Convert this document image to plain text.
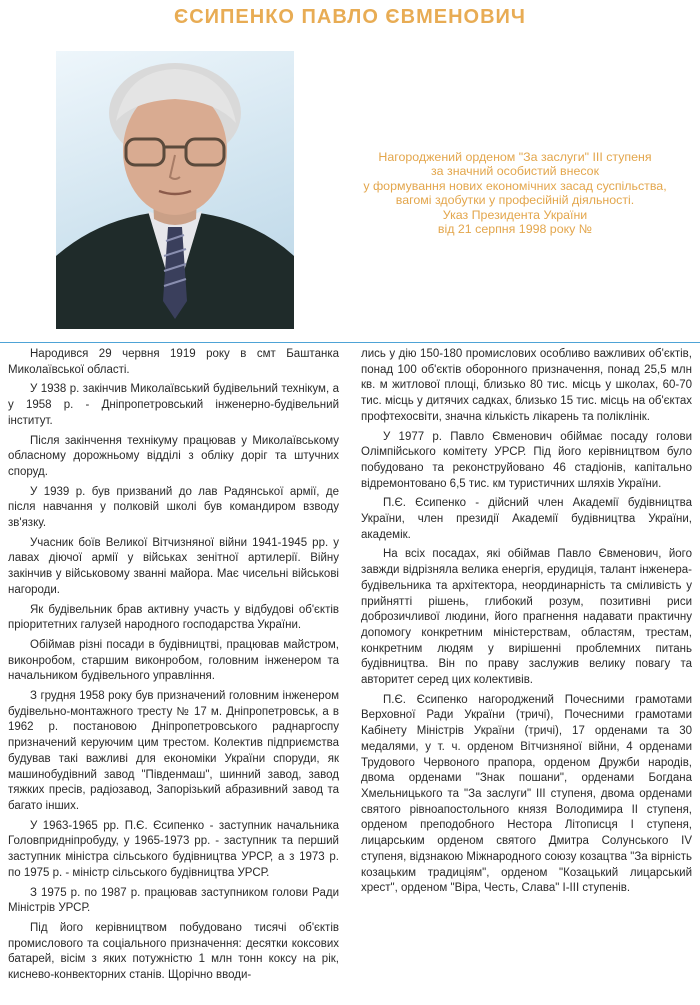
ЄСИПЕНКО ПАВЛО ЄВМЕНОВИЧ
Нагороджений орденом "За заслуги" III ступеня
за значний особистий внесок
у формування нових економічних засад суспільства,
вагомі здобутки у професійній діяльності.
Указ Президента України
від 21 серпня 1998 року №

Народився 29 червня 1919 року в смт Баштанка Миколаївської області.

У 1938 р. закінчив Миколаївський будівельний технікум, а у 1958 р. - Дніпропетровський інженерно-будівельний інститут.

Після закінчення технікуму працював у Миколаївському обласному дорожньому відділі з обліку доріг та штучних споруд.

У 1939 р. був призваний до лав Радянської армії, де після навчання у полковій школі був командиром взводу зв'язку.

Учасник боїв Великої Вітчизняної війни 1941-1945 рр. у лавах діючої армії у військах зенітної артилерії. Війну закінчив у військовому званні майора. Має чисельні військові нагороди.

Як будівельник брав активну участь у відбудові об'єктів пріоритетних галузей народного господарства України.

Обіймав різні посади в будівництві, працював майстром, виконробом, старшим виконробом, головним інженером та начальником будівельного управління.

З грудня 1958 року був призначений головним інженером будівельно-монтажного тресту № 17 м. Дніпропетровськ, а в 1962 р. постановою Дніпропетровського раднаргоспу призначений керуючим цим трестом. Колектив підприємства будував такі важливі для економіки України споруди, як машинобудівний завод "Південмаш", шинний завод, завод тяжких пресів, радіозавод, Запорізький абразивний завод та багато інших.

У 1963-1965 рр. П.Є. Єсипенко - заступник начальника Головпридніпробуду, у 1965-1973 рр. - заступник та перший заступник міністра сільського будівництва УРСР, а з 1973 р. по 1975 р. - міністр сільського будівництва УРСР.

З 1975 р. по 1987 р. працював заступником голови Ради Міністрів УРСР.

Під його керівництвом побудовано тисячі об'єктів промислового та соціального призначення: десятки коксових батарей, вісім з яких потужністю 1 млн тонн коксу на рік, киснево-конвекторних станів. Щорічно вводи-

лись у дію 150-180 промислових особливо важливих об'єктів, понад 100 об'єктів оборонного призначення, понад 25,5 млн кв. м житлової площі, близько 80 тис. місць у школах, 60-70 тис. місць у дитячих садках, близько 15 тис. місць на об'єктах профтехосвіти, значна кількість лікарень та поліклінік.

У 1977 р. Павло Євменович обіймає посаду голови Олімпійського комітету УРСР. Під його керівництвом було побудовано та реконструйовано 46 стадіонів, капітально відремонтовано 6,5 тис. км туристичних шляхів України.

П.Є. Єсипенко - дійсний член Академії будівництва України, член президії Академії будівництва України, академік.

На всіх посадах, які обіймав Павло Євменович, його завжди відрізняла велика енергія, ерудиція, талант інженера-будівельника та архітектора, неординарність та сміливість у прийнятті рішень, глибокий розум, позитивні риси доброзичливої людини, його прагнення надавати практичну допомогу конкретним міністерствам, областям, трестам, конкретним людям у вирішенні проблемних питань будівництва. Він по праву заслужив велику повагу та авторитет серед цих колективів.

П.Є. Єсипенко нагороджений Почесними грамотами Верховної Ради України (тричі), Почесними грамотами Кабінету Міністрів України (тричі), 17 орденами та 30 медалями, у т. ч. орденом Вітчизняної війни, 4 орденами Трудового Червоного прапора, орденом Дружби народів, двома орденами "Знак пошани", орденами Богдана Хмельницького та "За заслуги" III ступеня, двома орденами святого рівноапостольного князя Володимира II ступеня, орденом преподобного Нестора Літописця I ступеня, лицарським орденом святого Дмитра Солунського IV ступеня, відзнакою Міжнародного союзу козацтва "За вірність козацьким традиціям", орденом "Козацький лицарський хрест", орденом "Віра, Честь, Слава" I-III ступенів.
